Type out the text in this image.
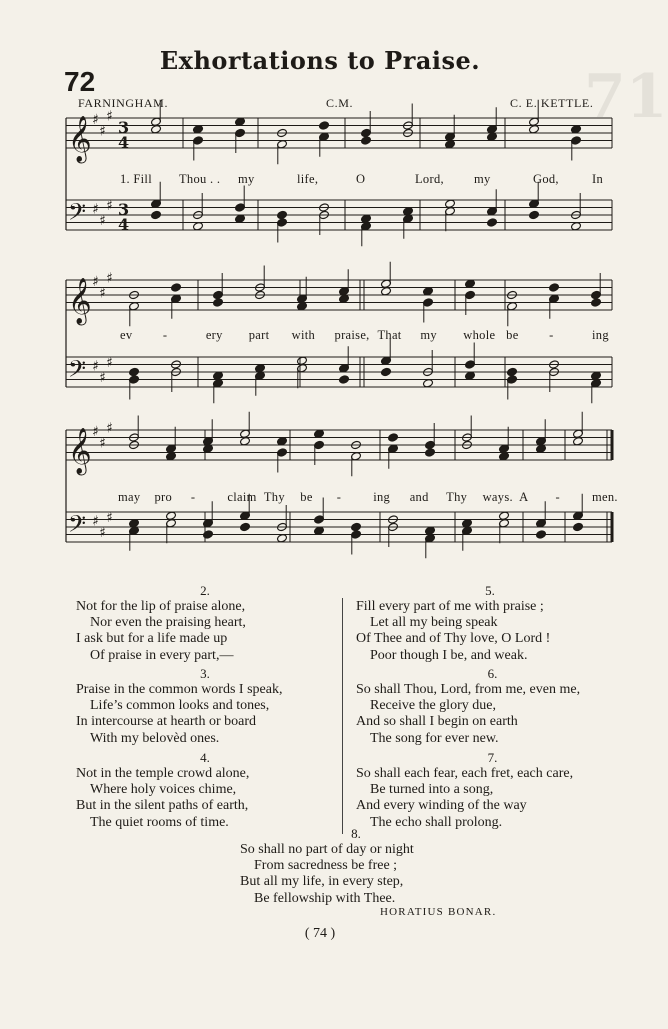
71
Exhortations to Praise.
72
FARNINGHAM.	C.M.	C. E. KETTLE.
𝄞 ♯
♯
♯
3
4
𝄢 ♯
♯
♯ 3
4
𝄞 ♯
♯
♯
𝄢 ♯
♯
♯
𝄞 ♯
♯
♯
𝄢 ♯
♯
♯
1. Fill Thou . . my	life,	O	Lord, my	God,	In
ev -	ery part with praise, That my whole be -	ing
may pro -	claim Thy be -	ing and Thy ways. A -	men.
2.
Not for the lip of praise alone,
Nor even the praising heart,
I ask but for a life made up
Of praise in every part,—
3.
Praise in the common words I speak,
Life’s common looks and tones,
In intercourse at hearth or board
With my belovèd ones.
4.
Not in the temple crowd alone,
Where holy voices chime,
But in the silent paths of earth,
The quiet rooms of time.
5.
Fill every part of me with praise ;
Let all my being speak
Of Thee and of Thy love, O Lord !
Poor though I be, and weak.
6.
So shall Thou, Lord, from me, even me,
Receive the glory due,
And so shall I begin on earth
The song for ever new.
7.
So shall each fear, each fret, each care,
Be turned into a song,
And every winding of the way
The echo shall prolong.
8.
So shall no part of day or night
From sacredness be free ;
But all my life, in every step,
Be fellowship with Thee.
HORATIUS BONAR.
( 74 )
